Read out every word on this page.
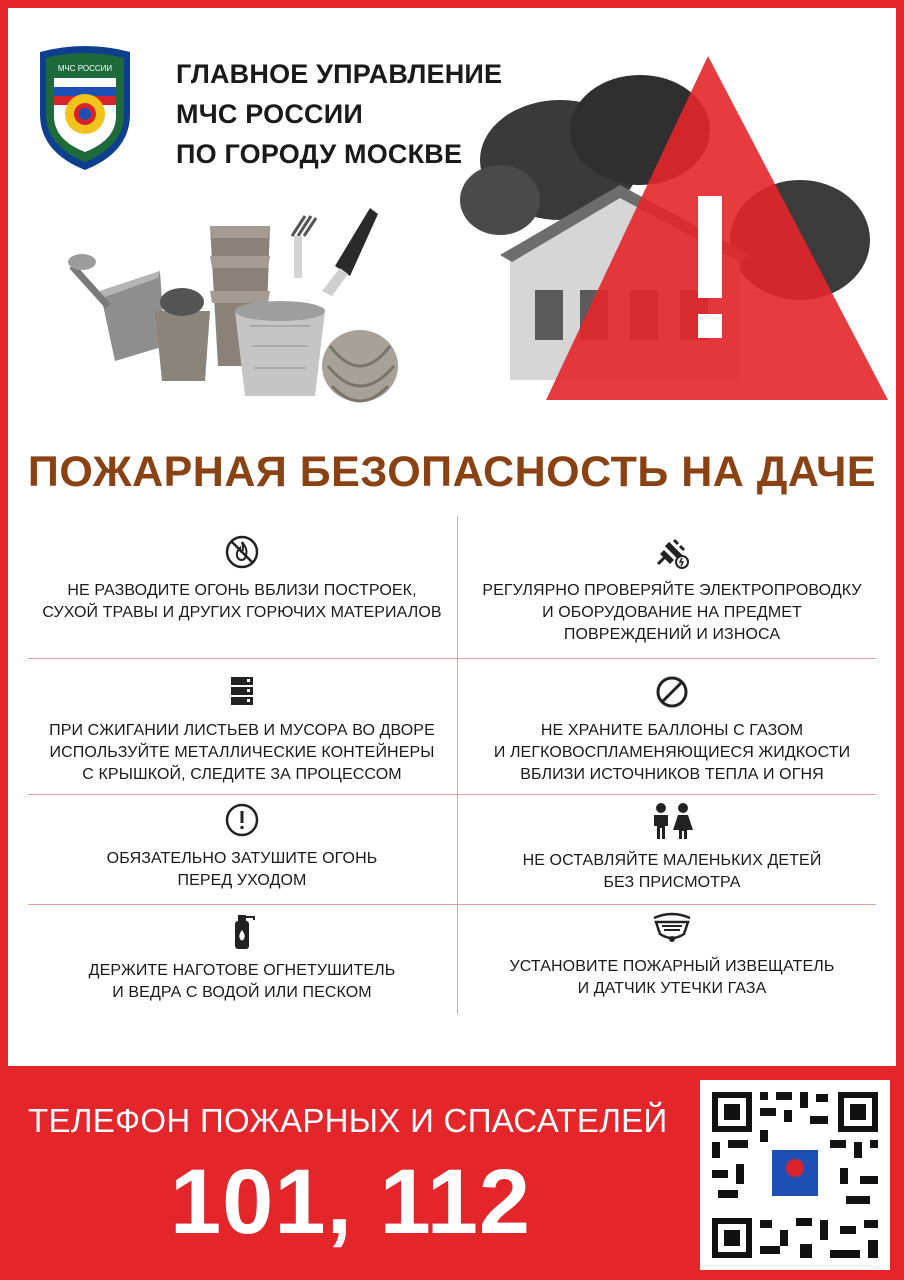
МЧС РОССИИ ГЛАВНОЕ УПРАВЛЕНИЕ
МЧС РОССИИ
ПО ГОРОДУ МОСКВЕ
ПОЖАРНАЯ БЕЗОПАСНОСТЬ НА ДАЧЕ
НЕ РАЗВОДИТЕ ОГОНЬ ВБЛИЗИ ПОСТРОЕК,
СУХОЙ ТРАВЫ И ДРУГИХ ГОРЮЧИХ МАТЕРИАЛОВ
РЕГУЛЯРНО ПРОВЕРЯЙТЕ ЭЛЕКТРОПРОВОДКУ
И ОБОРУДОВАНИЕ НА ПРЕДМЕТ
ПОВРЕЖДЕНИЙ И ИЗНОСА
ПРИ СЖИГАНИИ ЛИСТЬЕВ И МУСОРА ВО ДВОРЕ
ИСПОЛЬЗУЙТЕ МЕТАЛЛИЧЕСКИЕ КОНТЕЙНЕРЫ
С КРЫШКОЙ, СЛЕДИТЕ ЗА ПРОЦЕССОМ
НЕ ХРАНИТЕ БАЛЛОНЫ С ГАЗОМ
И ЛЕГКОВОСПЛАМЕНЯЮЩИЕСЯ ЖИДКОСТИ
ВБЛИЗИ ИСТОЧНИКОВ ТЕПЛА И ОГНЯ
ОБЯЗАТЕЛЬНО ЗАТУШИТЕ ОГОНЬ
ПЕРЕД УХОДОМ
НЕ ОСТАВЛЯЙТЕ МАЛЕНЬКИХ ДЕТЕЙ
БЕЗ ПРИСМОТРА
ДЕРЖИТЕ НАГОТОВЕ ОГНЕТУШИТЕЛЬ
И ВЕДРА С ВОДОЙ ИЛИ ПЕСКОМ
УСТАНОВИТЕ ПОЖАРНЫЙ ИЗВЕЩАТЕЛЬ
И ДАТЧИК УТЕЧКИ ГАЗА
ТЕЛЕФОН ПОЖАРНЫХ И СПАСАТЕЛЕЙ
101, 112
